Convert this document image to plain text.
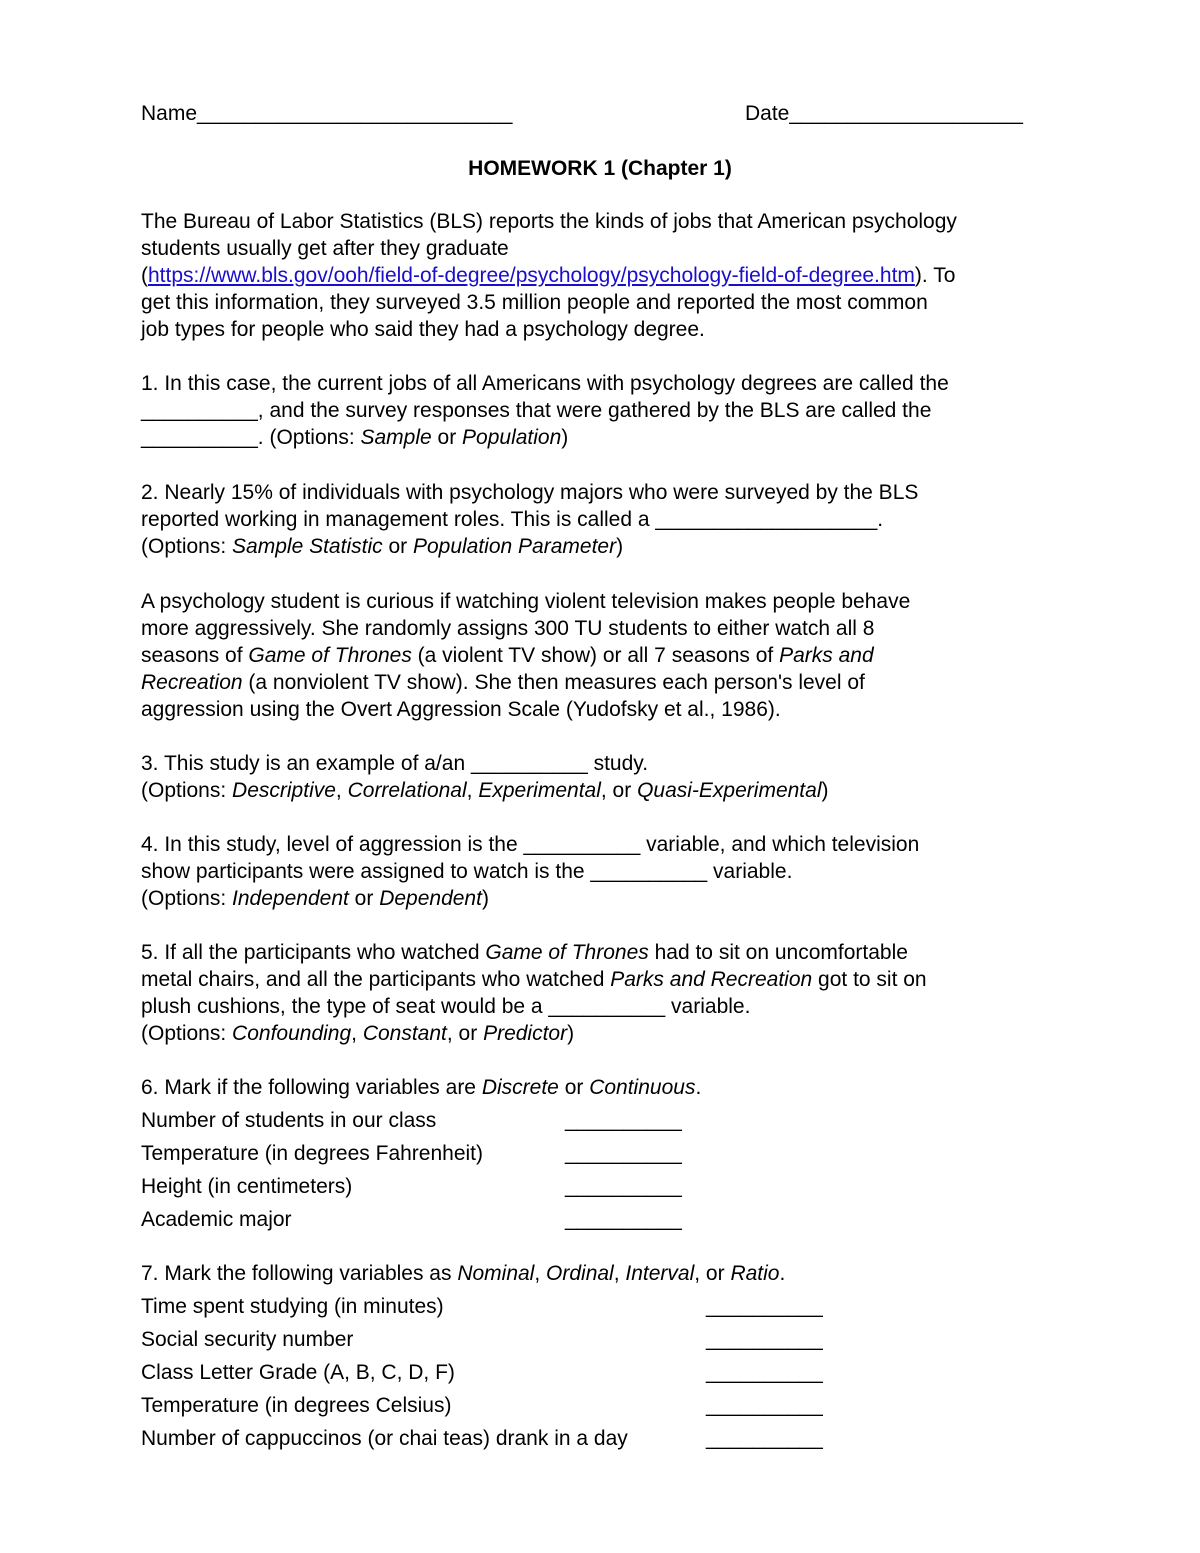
Name___________________________	Date____________________
HOMEWORK 1 (Chapter 1)
The Bureau of Labor Statistics (BLS) reports the kinds of jobs that American psychology
students usually get after they graduate
(https://www.bls.gov/ooh/field-of-degree/psychology/psychology-field-of-degree.htm). To
get this information, they surveyed 3.5 million people and reported the most common
job types for people who said they had a psychology degree.
1. In this case, the current jobs of all Americans with psychology degrees are called the
__________, and the survey responses that were gathered by the BLS are called the
__________. (Options: Sample or Population)
2. Nearly 15% of individuals with psychology majors who were surveyed by the BLS
reported working in management roles. This is called a ___________________.
(Options: Sample Statistic or Population Parameter)
A psychology student is curious if watching violent television makes people behave
more aggressively. She randomly assigns 300 TU students to either watch all 8
seasons of Game of Thrones (a violent TV show) or all 7 seasons of Parks and
Recreation (a nonviolent TV show). She then measures each person's level of
aggression using the Overt Aggression Scale (Yudofsky et al., 1986).
3. This study is an example of a/an __________ study.
(Options: Descriptive, Correlational, Experimental, or Quasi-Experimental)
4. In this study, level of aggression is the __________ variable, and which television
show participants were assigned to watch is the __________ variable.
(Options: Independent or Dependent)
5. If all the participants who watched Game of Thrones had to sit on uncomfortable
metal chairs, and all the participants who watched Parks and Recreation got to sit on
plush cushions, the type of seat would be a __________ variable.
(Options: Confounding, Constant, or Predictor)
6. Mark if the following variables are Discrete or Continuous.
Number of students in our class	__________
Temperature (in degrees Fahrenheit)	__________
Height (in centimeters)	__________
Academic major	__________
7. Mark the following variables as Nominal, Ordinal, Interval, or Ratio.
Time spent studying (in minutes)	__________
Social security number	__________
Class Letter Grade (A, B, C, D, F)	__________
Temperature (in degrees Celsius)	__________
Number of cappuccinos (or chai teas) drank in a day	__________
